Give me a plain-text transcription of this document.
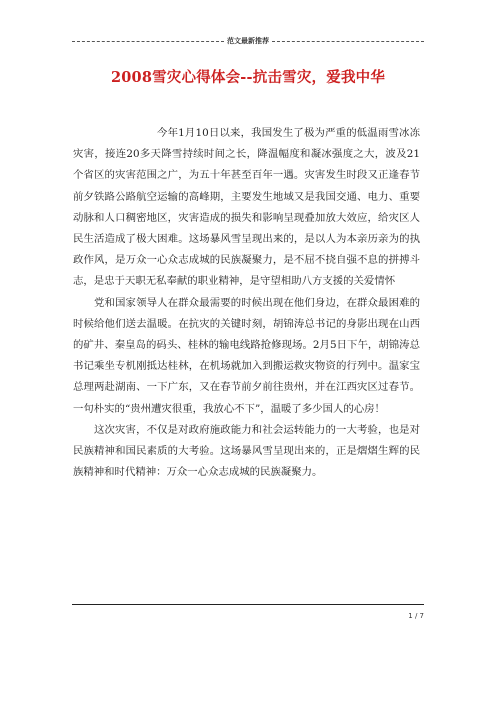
范文最新推荐
2008雪灾心得体会--抗击雪灾，爱我中华

今年1月10日以来，我国发生了极为严重的低温雨雪冰冻灾害，接连20多天降雪持续时间之长，降温幅度和凝冰强度之大，波及21个省区的灾害范围之广，为五十年甚至百年一遇。灾害发生时段又正逢春节前夕铁路公路航空运输的高峰期，主要发生地域又是我国交通、电力、重要动脉和人口稠密地区，灾害造成的损失和影响呈现叠加放大效应，给灾区人民生活造成了极大困难。这场暴风雪呈现出来的，是以人为本亲历亲为的执政作风，是万众一心众志成城的民族凝聚力，是不屈不挠自强不息的拼搏斗志，是忠于天职无私奉献的职业精神，是守望相助八方支援的关爱情怀

党和国家领导人在群众最需要的时候出现在他们身边，在群众最困难的时候给他们送去温暖。在抗灾的关键时刻，胡锦涛总书记的身影出现在山西的矿井、秦皇岛的码头、桂林的输电线路抢修现场。2月5日下午，胡锦涛总书记乘坐专机刚抵达桂林，在机场就加入到搬运救灾物资的行列中。温家宝总理两赴湖南、一下广东，又在春节前夕前往贵州，并在江西灾区过春节。一句朴实的“贵州遭灾很重，我放心不下”，温暖了多少国人的心房！

这次灾害，不仅是对政府施政能力和社会运转能力的一大考验，也是对民族精神和国民素质的大考验。这场暴风雪呈现出来的，正是熠熠生辉的民族精神和时代精神：万众一心众志成城的民族凝聚力。

1 / 7
